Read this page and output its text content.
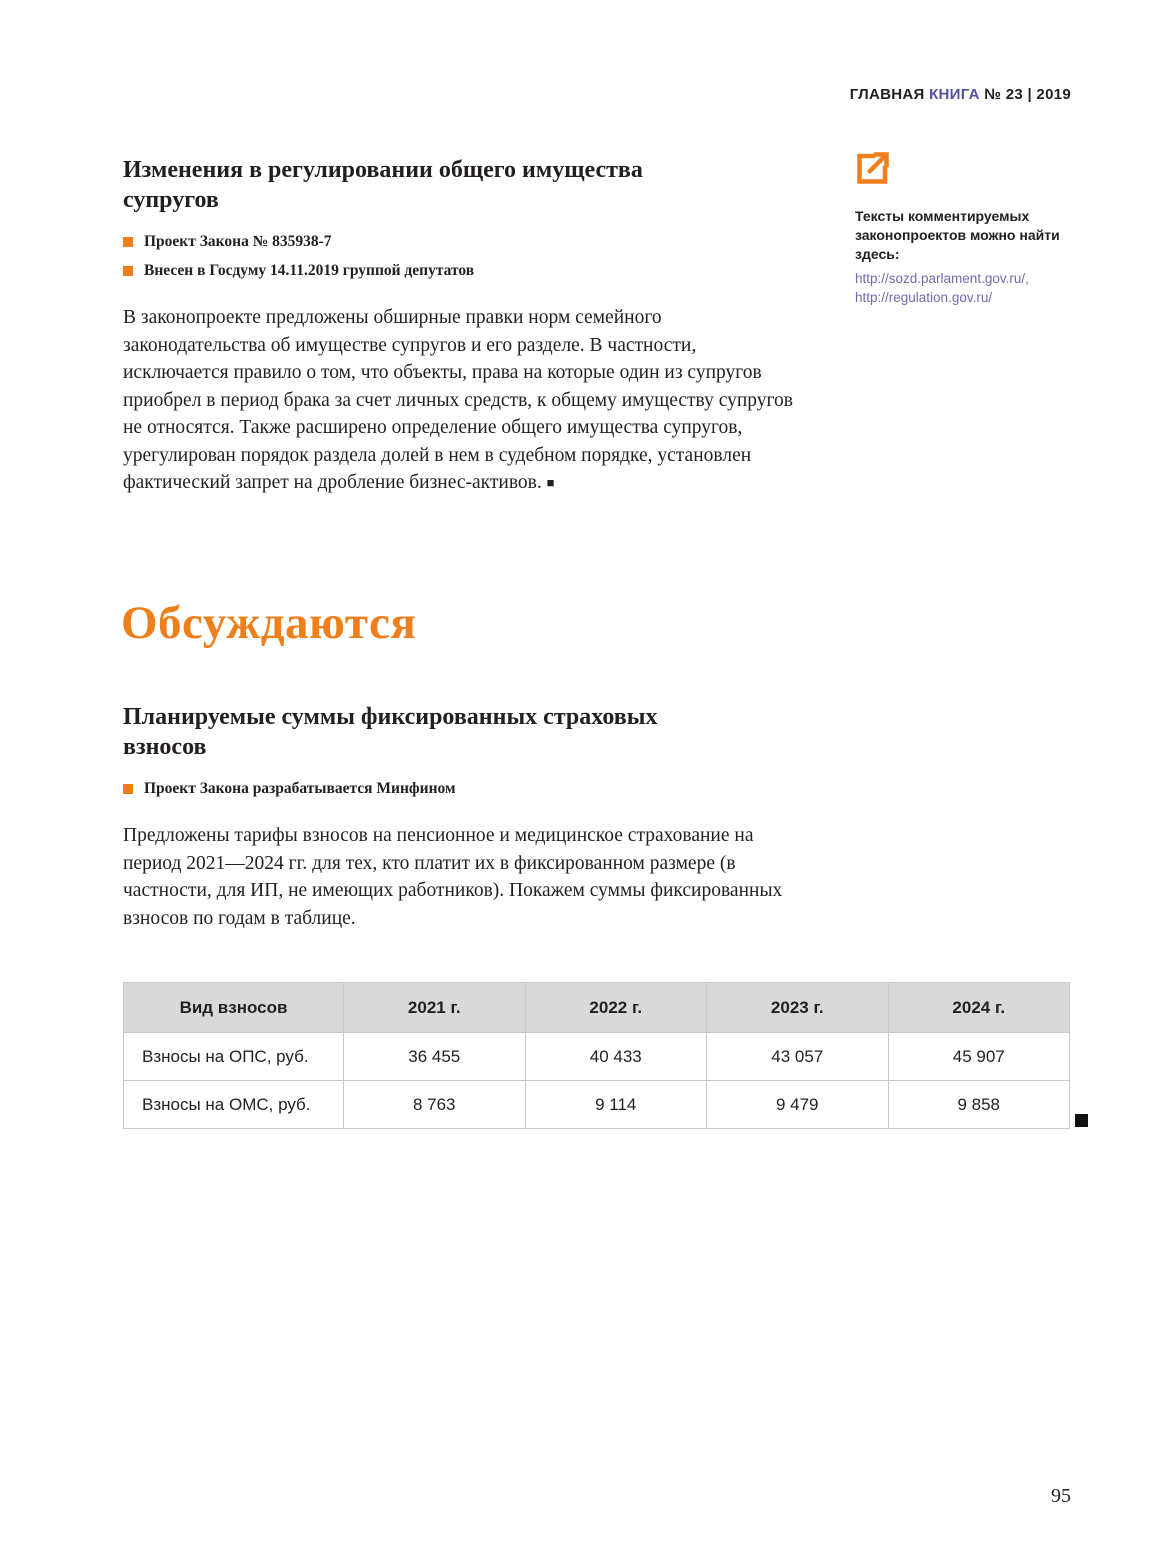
ГЛАВНАЯ КНИГА № 23 | 2019
Изменения в регулировании общего имущества супругов
Проект Закона № 835938-7
Внесен в Госдуму 14.11.2019 группой депутатов
В законопроекте предложены обширные правки норм семейного законодательства об имуществе супругов и его разделе. В частности, исключается правило о том, что объекты, права на которые один из супругов приобрел в период брака за счет личных средств, к общему имуществу супругов не относятся. Также расширено определение общего имущества супругов, урегулирован порядок раздела долей в нем в судебном порядке, установлен фактический запрет на дробление бизнес-активов. ■
Тексты комментируемых законопроектов можно найти здесь:
http://sozd.parlament.gov.ru/,
http://regulation.gov.ru/
Обсуждаются
Планируемые суммы фиксированных страховых взносов
Проект Закона разрабатывается Минфином
Предложены тарифы взносов на пенсионное и медицинское страхование на период 2021—2024 гг. для тех, кто платит их в фиксированном размере (в частности, для ИП, не имеющих работников). Покажем суммы фиксированных взносов по годам в таблице.
Вид взносов	2021 г.	2022 г.	2023 г.	2024 г.
Взносы на ОПС, руб.	36 455	40 433	43 057	45 907
Взносы на ОМС, руб.	8 763	9 114	9 479	9 858
95
